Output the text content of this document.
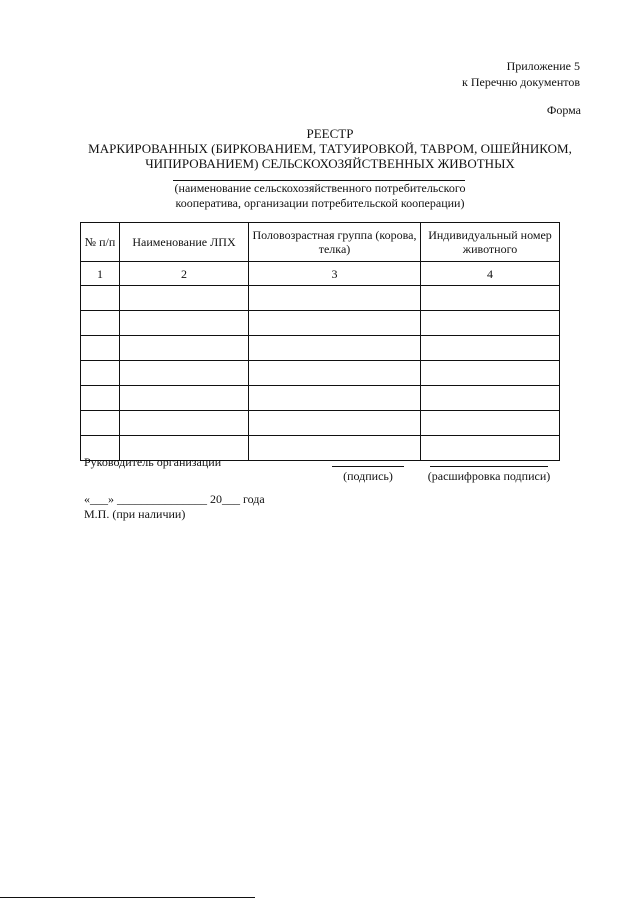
Приложение 5
к Перечню документов
Форма
РЕЕСТР
МАРКИРОВАННЫХ (БИРКОВАНИЕМ, ТАТУИРОВКОЙ, ТАВРОМ, ОШЕЙНИКОМ,
ЧИПИРОВАНИЕМ) СЕЛЬСКОХОЗЯЙСТВЕННЫХ ЖИВОТНЫХ
(наименование сельскохозяйственного потребительского
кооператива, организации потребительской кооперации)
№ п/п	Наименование ЛПХ	Половозрастная группа (корова, телка)	Индивидуальный номер животного
1	2	3	4

Руководитель организации
(подпись)	(расшифровка подписи)
«___» _______________ 20___ года
М.П. (при наличии)
